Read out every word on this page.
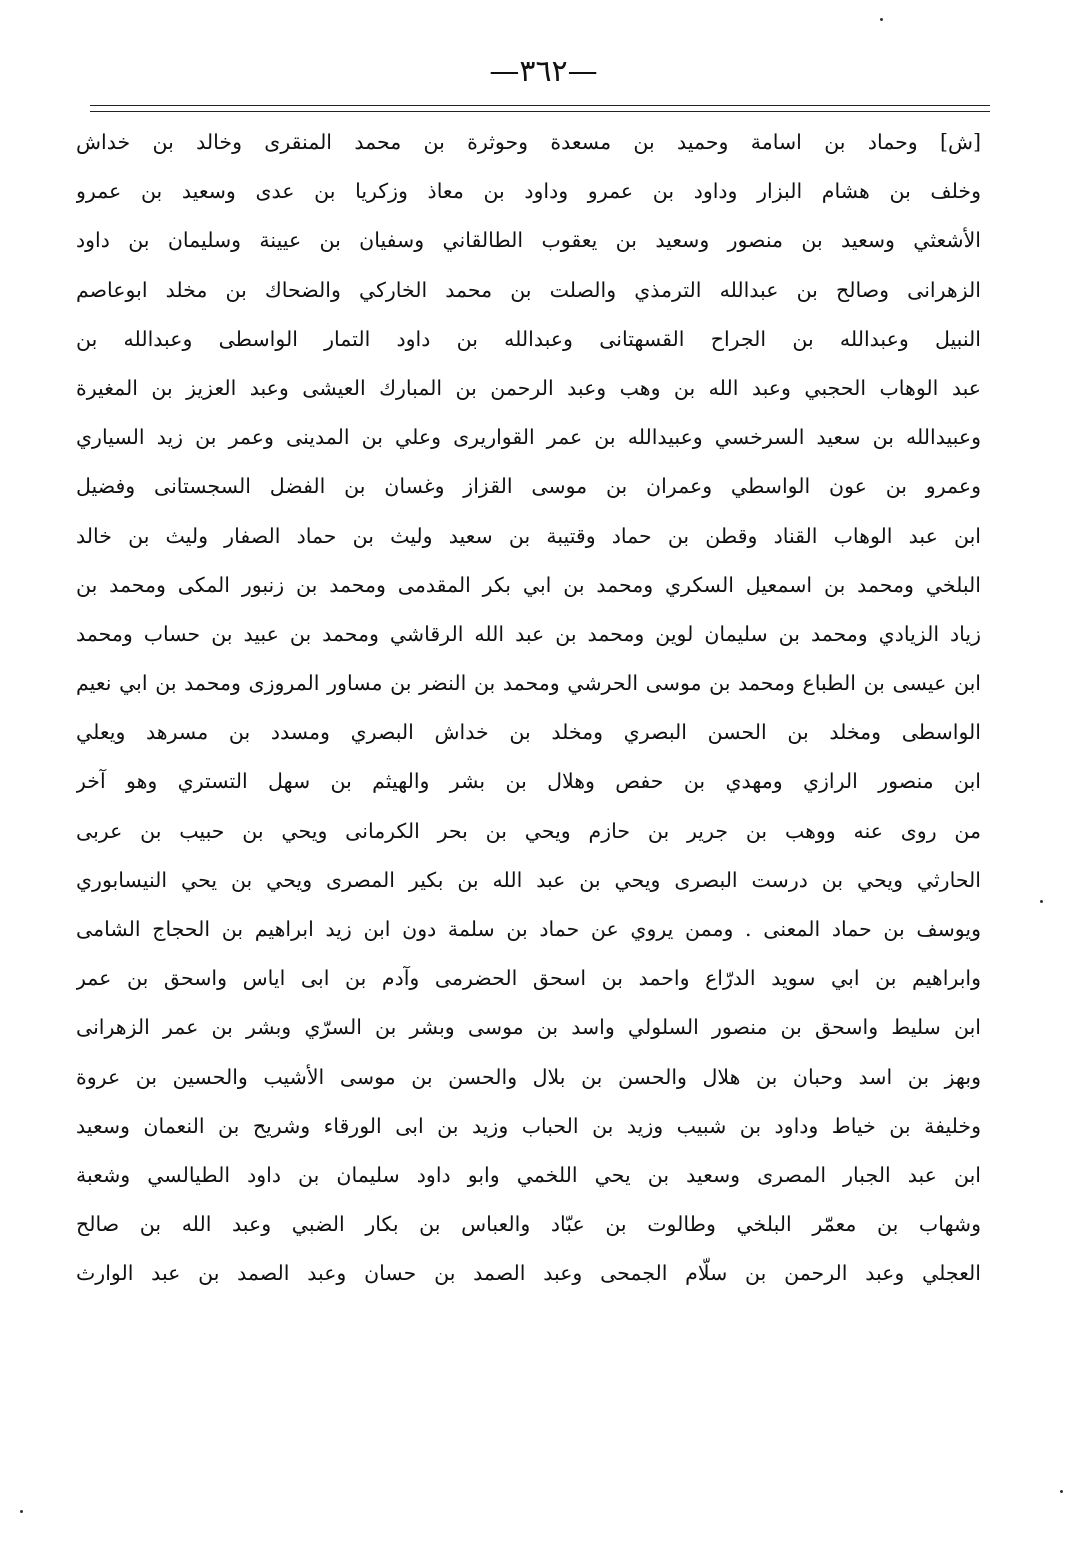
—٣٦٢—
[ش] وحماد بن اسامة وحميد بن مسعدة وحوثرة بن محمد المنقرى وخالد بن خداش
وخلف بن هشام البزار وداود بن عمرو وداود بن معاذ وزكريا بن عدى وسعيد بن عمرو
الأشعثي وسعيد بن منصور وسعيد بن يعقوب الطالقاني وسفيان بن عيينة وسليمان بن داود
الزهرانى وصالح بن عبدالله الترمذي والصلت بن محمد الخاركي والضحاك بن مخلد ابوعاصم
النبيل وعبدالله بن الجراح القسهتانى وعبدالله بن داود التمار الواسطى وعبدالله بن
عبد الوهاب الحجبي وعبد الله بن وهب وعبد الرحمن بن المبارك العيشى وعبد العزيز بن المغيرة
وعبيدالله بن سعيد السرخسي وعبيدالله بن عمر القواريرى وعلي بن المدينى وعمر بن زيد السياري
وعمرو بن عون الواسطي وعمران بن موسى القزاز وغسان بن الفضل السجستانى وفضيل
ابن عبد الوهاب القناد وقطن بن حماد وقتيبة بن سعيد وليث بن حماد الصفار وليث بن خالد
البلخي ومحمد بن اسمعيل السكري ومحمد بن ابي بكر المقدمى ومحمد بن زنبور المكى ومحمد بن
زياد الزيادي ومحمد بن سليمان لوين ومحمد بن عبد الله الرقاشي ومحمد بن عبيد بن حساب ومحمد
ابن عيسى بن الطباع ومحمد بن موسى الحرشي ومحمد بن النضر بن مساور المروزى ومحمد بن ابي نعيم
الواسطى ومخلد بن الحسن البصري ومخلد بن خداش البصري ومسدد بن مسرهد ويعلي
ابن منصور الرازي ومهدي بن حفص وهلال بن بشر والهيثم بن سهل التستري وهو آخر
من روى عنه ووهب بن جرير بن حازم ويحي بن بحر الكرمانى ويحي بن حبيب بن عربى
الحارثي ويحي بن درست البصرى ويحي بن عبد الله بن بكير المصرى ويحي بن يحي النيسابوري
ويوسف بن حماد المعنى . وممن يروي عن حماد بن سلمة دون ابن زيد ابراهيم بن الحجاج الشامى
وابراهيم بن ابي سويد الدرّاع واحمد بن اسحق الحضرمى وآدم بن ابى اياس واسحق بن عمر
ابن سليط واسحق بن منصور السلولي واسد بن موسى وبشر بن السرّي وبشر بن عمر الزهرانى
وبهز بن اسد وحبان بن هلال والحسن بن بلال والحسن بن موسى الأشيب والحسين بن عروة
وخليفة بن خياط وداود بن شبيب وزيد بن الحباب وزيد بن ابى الورقاء وشريح بن النعمان وسعيد
ابن عبد الجبار المصرى وسعيد بن يحي اللخمي وابو داود سليمان بن داود الطيالسي وشعبة
وشهاب بن معمّر البلخي وطالوت بن عبّاد والعباس بن بكار الضبي وعبد الله بن صالح
العجلي وعبد الرحمن بن سلّام الجمحى وعبد الصمد بن حسان وعبد الصمد بن عبد الوارث
